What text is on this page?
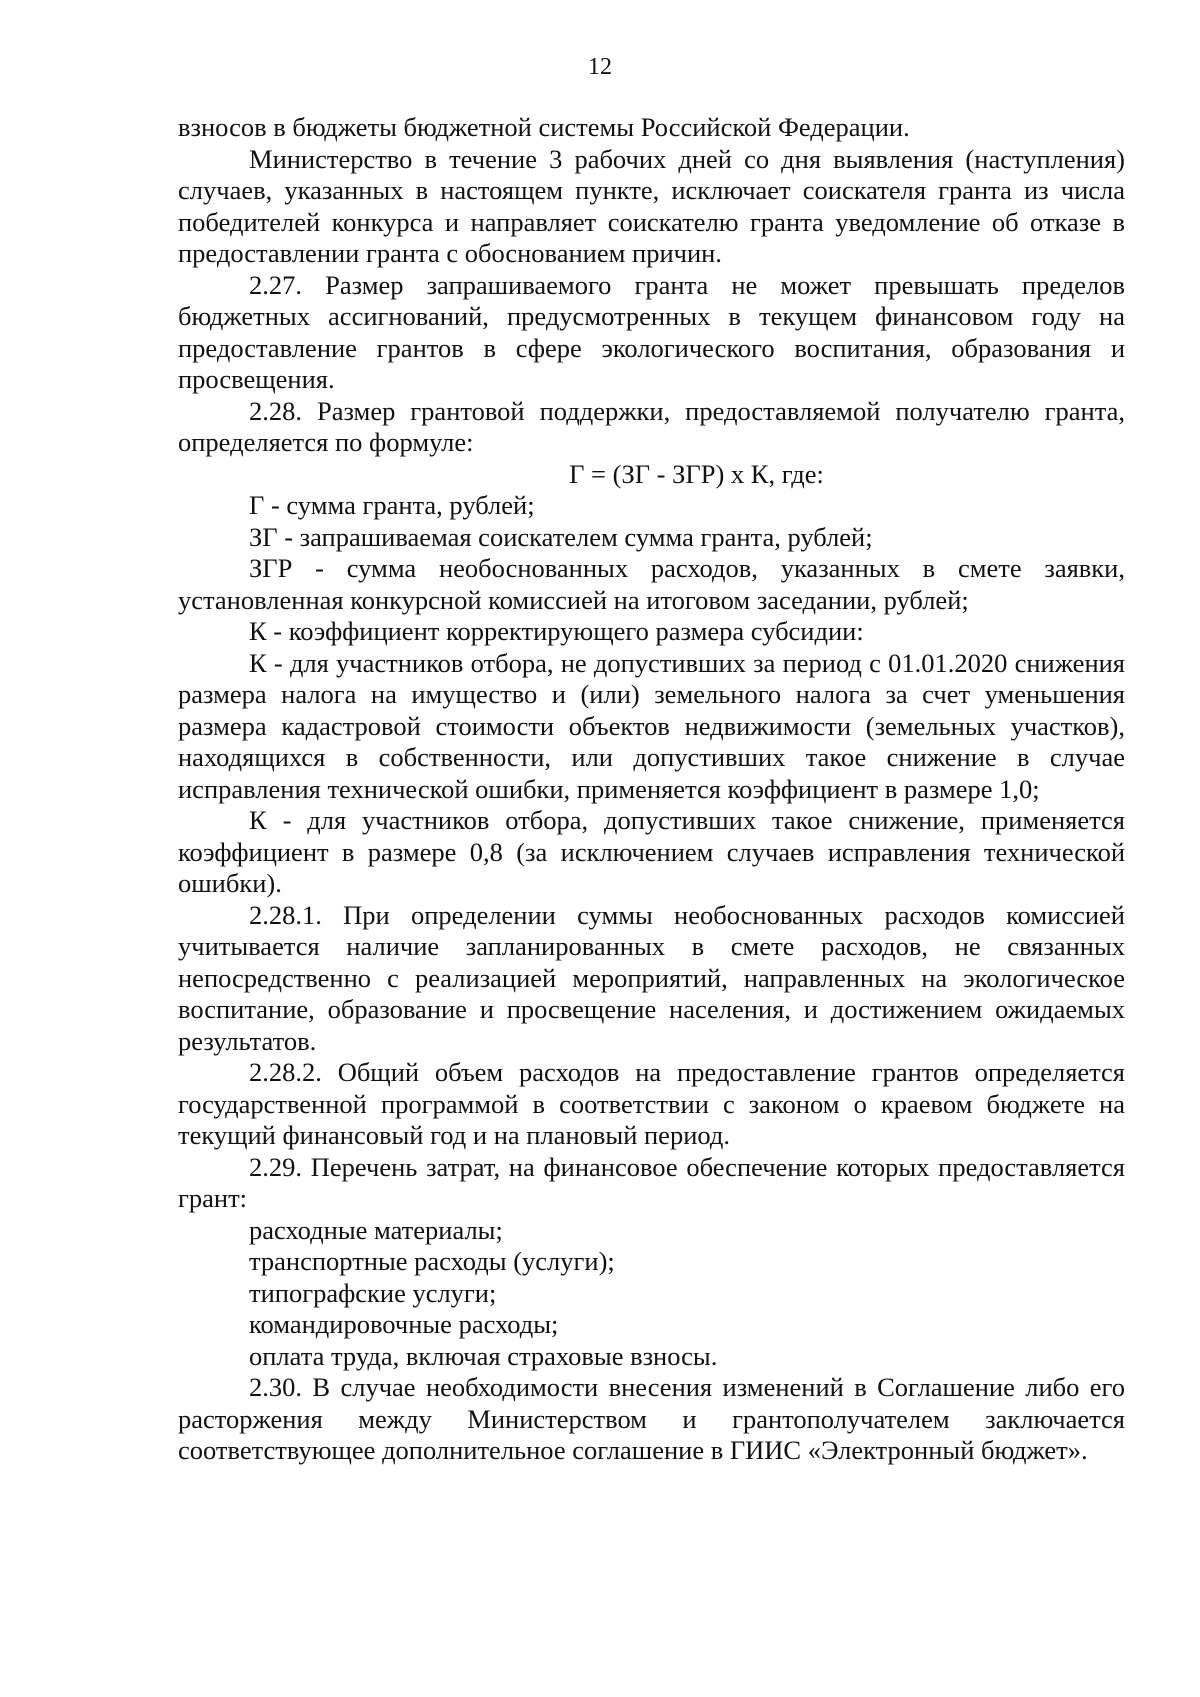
12

взносов в бюджеты бюджетной системы Российской Федерации.

Министерство в течение 3 рабочих дней со дня выявления (наступления) случаев, указанных в настоящем пункте, исключает соискателя гранта из числа победителей конкурса и направляет соискателю гранта уведомление об отказе в предоставлении гранта с обоснованием причин.

2.27. Размер запрашиваемого гранта не может превышать пределов бюджетных ассигнований, предусмотренных в текущем финансовом году на предоставление грантов в сфере экологического воспитания, образования и просвещения.

2.28. Размер грантовой поддержки, предоставляемой получателю гранта, определяется по формуле:

Г = (ЗГ - ЗГР) х К, где:

Г - сумма гранта, рублей;

ЗГ - запрашиваемая соискателем сумма гранта, рублей;

ЗГР - сумма необоснованных расходов, указанных в смете заявки, установленная конкурсной комиссией на итоговом заседании, рублей;

К - коэффициент корректирующего размера субсидии:

К - для участников отбора, не допустивших за период с 01.01.2020 снижения размера налога на имущество и (или) земельного налога за счет уменьшения размера кадастровой стоимости объектов недвижимости (земельных участков), находящихся в собственности, или допустивших такое снижение в случае исправления технической ошибки, применяется коэффициент в размере 1,0;

К - для участников отбора, допустивших такое снижение, применяется коэффициент в размере 0,8 (за исключением случаев исправления технической ошибки).

2.28.1. При определении суммы необоснованных расходов комиссией учитывается наличие запланированных в смете расходов, не связанных непосредственно с реализацией мероприятий, направленных на экологическое воспитание, образование и просвещение населения, и достижением ожидаемых результатов.

2.28.2. Общий объем расходов на предоставление грантов определяется государственной программой в соответствии с законом о краевом бюджете на текущий финансовый год и на плановый период.

2.29. Перечень затрат, на финансовое обеспечение которых предоставляется грант:

расходные материалы;

транспортные расходы (услуги);

типографские услуги;

командировочные расходы;

оплата труда, включая страховые взносы.

2.30. В случае необходимости внесения изменений в Соглашение либо его расторжения между Министерством и грантополучателем заключается соответствующее дополнительное соглашение в ГИИС «Электронный бюджет».
